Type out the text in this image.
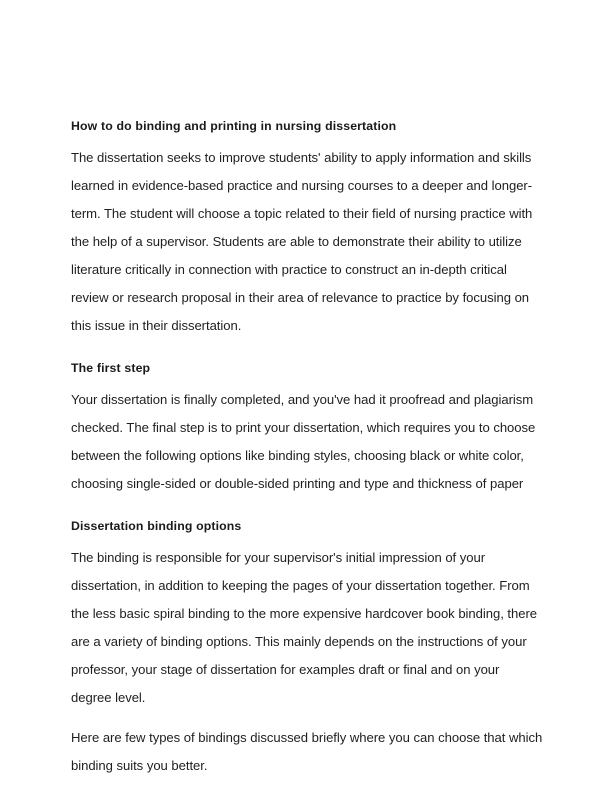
How to do binding and printing in nursing dissertation

The dissertation seeks to improve students' ability to apply information and skills learned in evidence-based practice and nursing courses to a deeper and longer-term. The student will choose a topic related to their field of nursing practice with the help of a supervisor. Students are able to demonstrate their ability to utilize literature critically in connection with practice to construct an in-depth critical review or research proposal in their area of relevance to practice by focusing on this issue in their dissertation.

The first step

Your dissertation is finally completed, and you've had it proofread and plagiarism checked. The final step is to print your dissertation, which requires you to choose between the following options like binding styles, choosing black or white color, choosing single-sided or double-sided printing and type and thickness of paper

Dissertation binding options

The binding is responsible for your supervisor's initial impression of your dissertation, in addition to keeping the pages of your dissertation together. From the less basic spiral binding to the more expensive hardcover book binding, there are a variety of binding options. This mainly depends on the instructions of your professor, your stage of dissertation for examples draft or final and on your degree level.

Here are few types of bindings discussed briefly where you can choose that which binding suits you better.
